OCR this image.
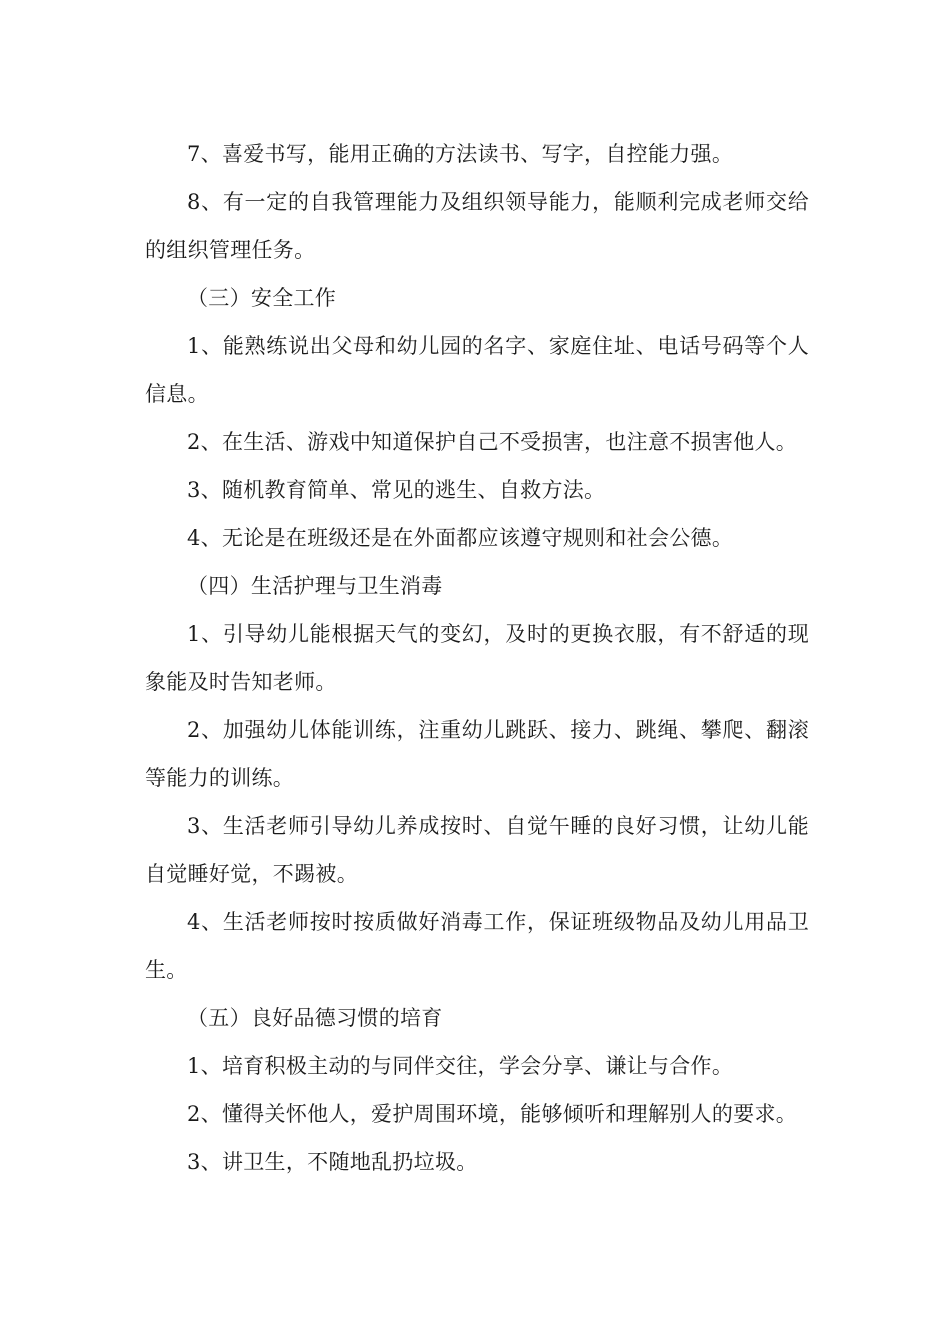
7、喜爱书写，能用正确的方法读书、写字，自控能力强。

8、有一定的自我管理能力及组织领导能力，能顺利完成老师交给的组织管理任务。

（三）安全工作

1、能熟练说出父母和幼儿园的名字、家庭住址、电话号码等个人信息。

2、在生活、游戏中知道保护自己不受损害，也注意不损害他人。

3、随机教育简单、常见的逃生、自救方法。

4、无论是在班级还是在外面都应该遵守规则和社会公德。

（四）生活护理与卫生消毒

1、引导幼儿能根据天气的变幻，及时的更换衣服，有不舒适的现象能及时告知老师。

2、加强幼儿体能训练，注重幼儿跳跃、接力、跳绳、攀爬、翻滚等能力的训练。

3、生活老师引导幼儿养成按时、自觉午睡的良好习惯，让幼儿能自觉睡好觉，不踢被。

4、生活老师按时按质做好消毒工作，保证班级物品及幼儿用品卫生。

（五）良好品德习惯的培育

1、培育积极主动的与同伴交往，学会分享、谦让与合作。

2、懂得关怀他人，爱护周围环境，能够倾听和理解别人的要求。

3、讲卫生，不随地乱扔垃圾。
